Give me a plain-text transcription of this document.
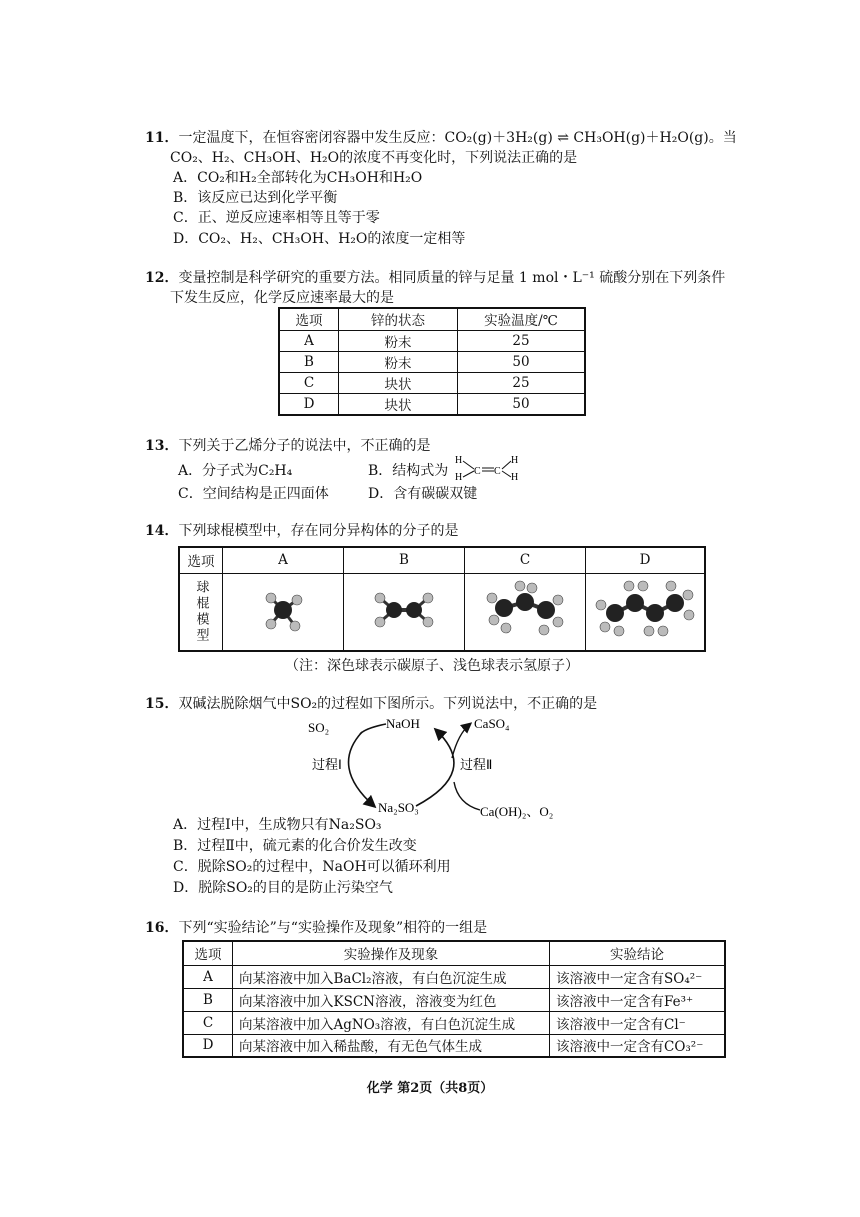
11．一定温度下，在恒容密闭容器中发生反应：CO₂(g)＋3H₂(g) ⇌ CH₃OH(g)＋H₂O(g)。当
CO₂、H₂、CH₃OH、H₂O的浓度不再变化时，下列说法正确的是
A．CO₂和H₂全部转化为CH₃OH和H₂O
B．该反应已达到化学平衡
C．正、逆反应速率相等且等于零
D．CO₂、H₂、CH₃OH、H₂O的浓度一定相等
12．变量控制是科学研究的重要方法。相同质量的锌与足量 1 mol・L⁻¹ 硫酸分别在下列条件
下发生反应，化学反应速率最大的是
选项	锌的状态	实验温度/℃
A	粉末	25
B	粉末	50
C	块状	25
D	块状	50
13．下列关于乙烯分子的说法中，不正确的是
A．分子式为C₂H₄	B．结构式为
H
H
C C
H
H
C．空间结构是正四面体	D．含有碳碳双键
14．下列球棍模型中，存在同分异构体的分子的是
选项	A	B	C	D
球棍模型				
（注：深色球表示碳原子、浅色球表示氢原子）
15．双碱法脱除烟气中SO₂的过程如下图所示。下列说法中，不正确的是
SO₂	NaOH	CaSO₄
过程Ⅰ	过程Ⅱ
Na₂SO₃	Ca(OH)₂、O₂
A．过程Ⅰ中，生成物只有Na₂SO₃
B．过程Ⅱ中，硫元素的化合价发生改变
C．脱除SO₂的过程中，NaOH可以循环利用
D．脱除SO₂的目的是防止污染空气
16．下列“实验结论”与“实验操作及现象”相符的一组是
选项	实验操作及现象	实验结论
A	向某溶液中加入BaCl₂溶液，有白色沉淀生成	该溶液中一定含有SO₄²⁻
B	向某溶液中加入KSCN溶液，溶液变为红色	该溶液中一定含有Fe³⁺
C	向某溶液中加入AgNO₃溶液，有白色沉淀生成	该溶液中一定含有Cl⁻
D	向某溶液中加入稀盐酸，有无色气体生成	该溶液中一定含有CO₃²⁻
化学 第2页（共8页）
